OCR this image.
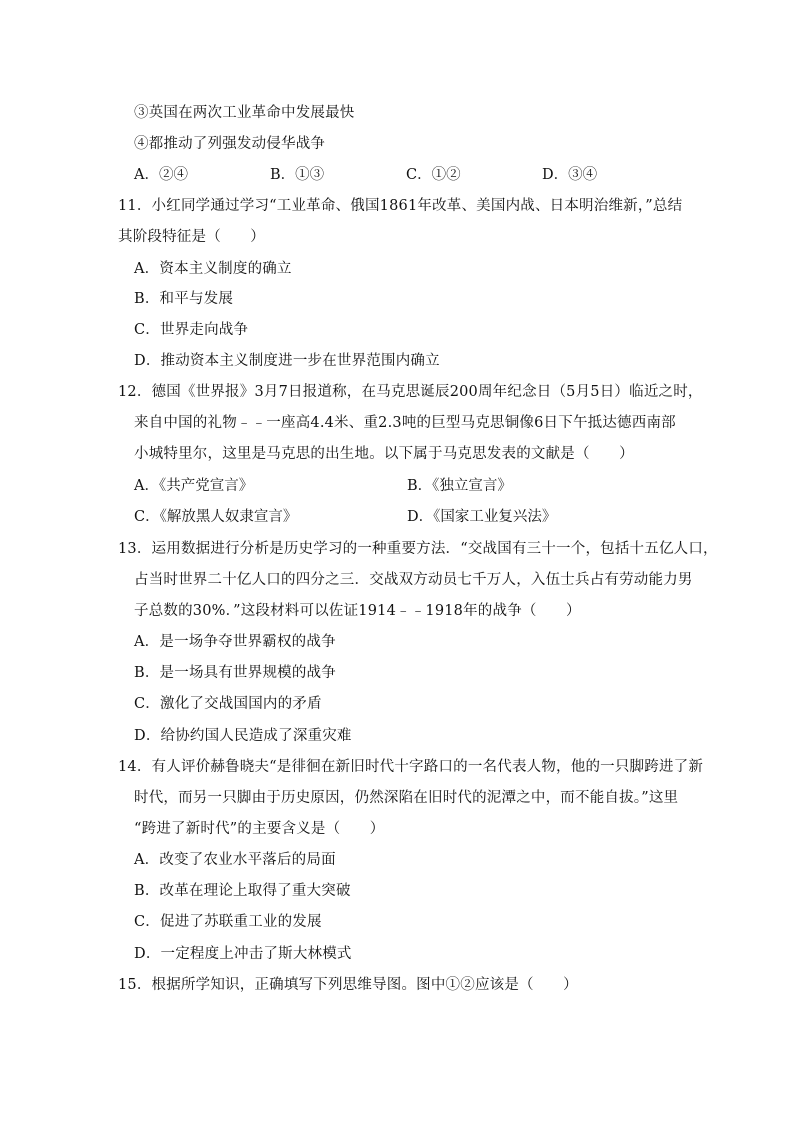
③英国在两次工业革命中发展最快
④都推动了列强发动侵华战争
A．②④	B．①③	C．①②	D．③④
11．小红同学通过学习“工业革命、俄国1861年改革、美国内战、日本明治维新，”总结
其阶段特征是（　　）
A．资本主义制度的确立
B．和平与发展
C．世界走向战争
D．推动资本主义制度进一步在世界范围内确立
12．德国《世界报》3月7日报道称，在马克思诞辰200周年纪念日（5月5日）临近之时，
来自中国的礼物﹣﹣一座高4.4米、重2.3吨的巨型马克思铜像6日下午抵达德西南部
小城特里尔，这里是马克思的出生地。以下属于马克思发表的文献是（　　）
A．《共产党宣言》	B．《独立宣言》
C．《解放黑人奴隶宣言》	D．《国家工业复兴法》
13．运用数据进行分析是历史学习的一种重要方法．“交战国有三十一个，包括十五亿人口，
占当时世界二十亿人口的四分之三．交战双方动员七千万人，入伍士兵占有劳动能力男
子总数的30%．”这段材料可以佐证1914﹣﹣1918年的战争（　　）
A．是一场争夺世界霸权的战争
B．是一场具有世界规模的战争
C．激化了交战国国内的矛盾
D．给协约国人民造成了深重灾难
14．有人评价赫鲁晓夫“是徘徊在新旧时代十字路口的一名代表人物，他的一只脚跨进了新
时代，而另一只脚由于历史原因，仍然深陷在旧时代的泥潭之中，而不能自拔。”这里
“跨进了新时代”的主要含义是（　　）
A．改变了农业水平落后的局面
B．改革在理论上取得了重大突破
C．促进了苏联重工业的发展
D．一定程度上冲击了斯大林模式
15．根据所学知识，正确填写下列思维导图。图中①②应该是（　　）
